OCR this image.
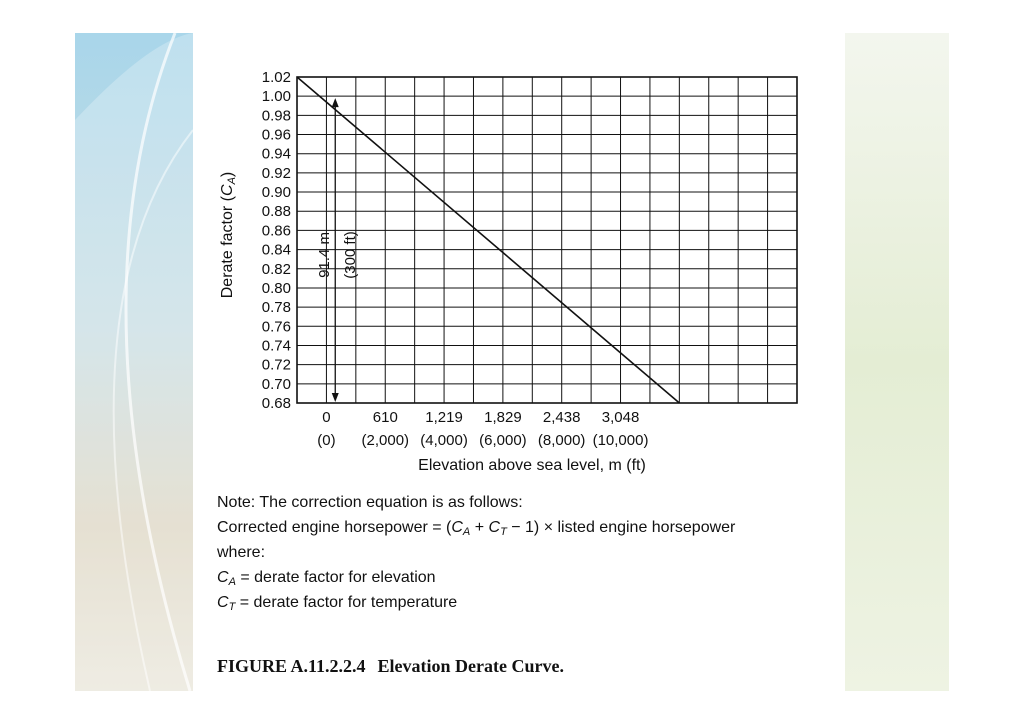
1.02
1.00
0.98
0.96
0.94
0.92
0.90
0.88
0.86
0.84
0.82
0.80
0.78
0.76
0.74
0.72
0.70
0.68
0
(0)
610
(2,000)
1,219
(4,000)
1,829
(6,000)
2,438
(8,000)
3,048
(10,000)
91.4 m (300 ft)
Derate factor (CA)
Elevation above sea level, m (ft)
Note: The correction equation is as follows:
Corrected engine horsepower = $(C_A + C_T - 1)$ × listed engine horsepower
where:
$C_A$ = derate factor for elevation
$C_T$ = derate factor for temperature
FIGURE A.11.2.2.4 Elevation Derate Curve.
